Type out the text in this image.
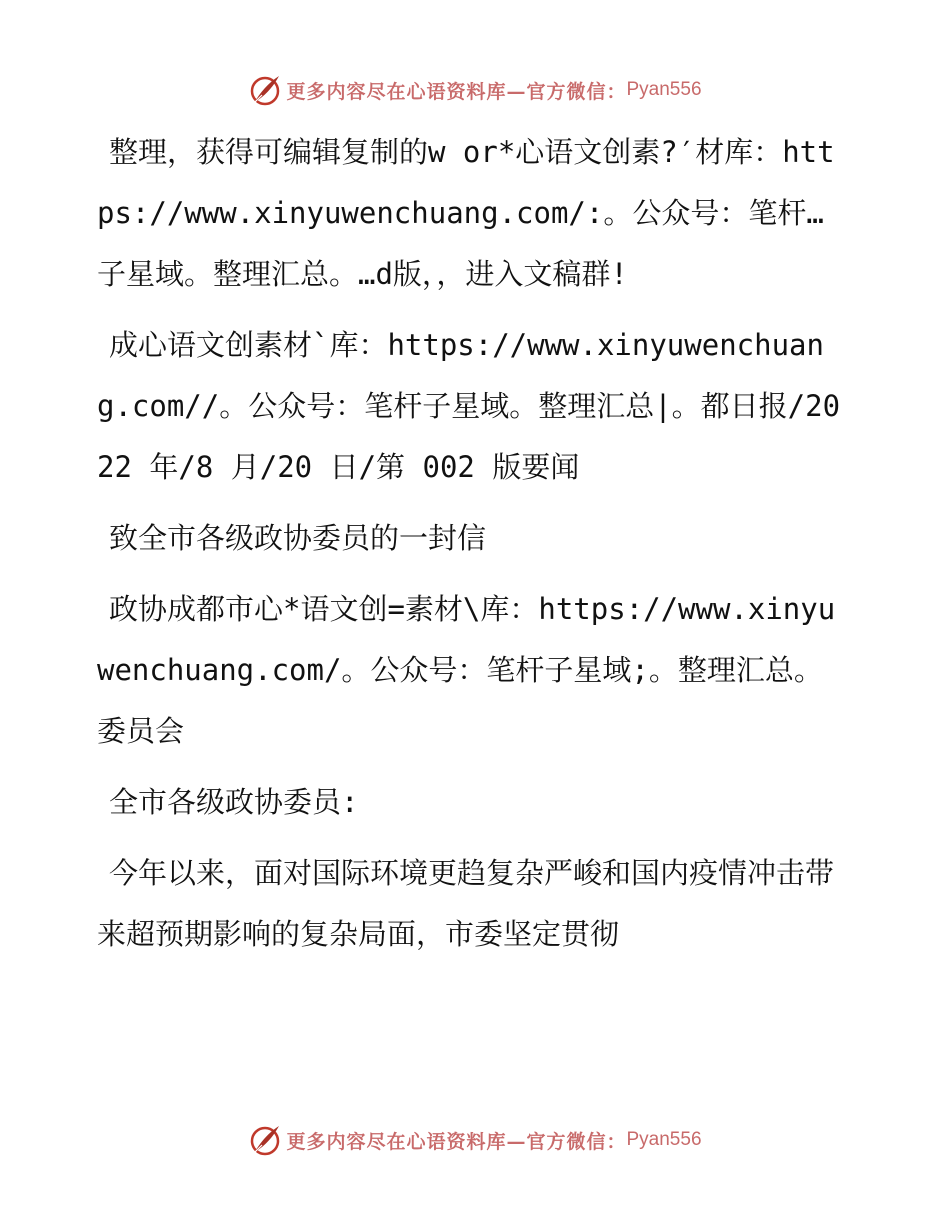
更多内容尽在心语资料库—官方微信： Pyan556

整理，获得可编辑复制的w or*心语文创素?′材库：https://www.xinyuwenchuang.com/:。公众号：笔杆…子星域。整理汇总。…d版，，进入文稿群!

成心语文创素材`库：https://www.xinyuwenchuang.com//。公众号：笔杆子星域。整理汇总|。都日报/2022 年/8 月/20 日/第 002 版要闻

致全市各级政协委员的一封信

政协成都市心*语文创=素材\库：https://www.xinyuwenchuang.com/。公众号：笔杆子星域;。整理汇总。委员会

全市各级政协委员:

今年以来，面对国际环境更趋复杂严峻和国内疫情冲击带来超预期影响的复杂局面，市委坚定贯彻

更多内容尽在心语资料库—官方微信： Pyan556
